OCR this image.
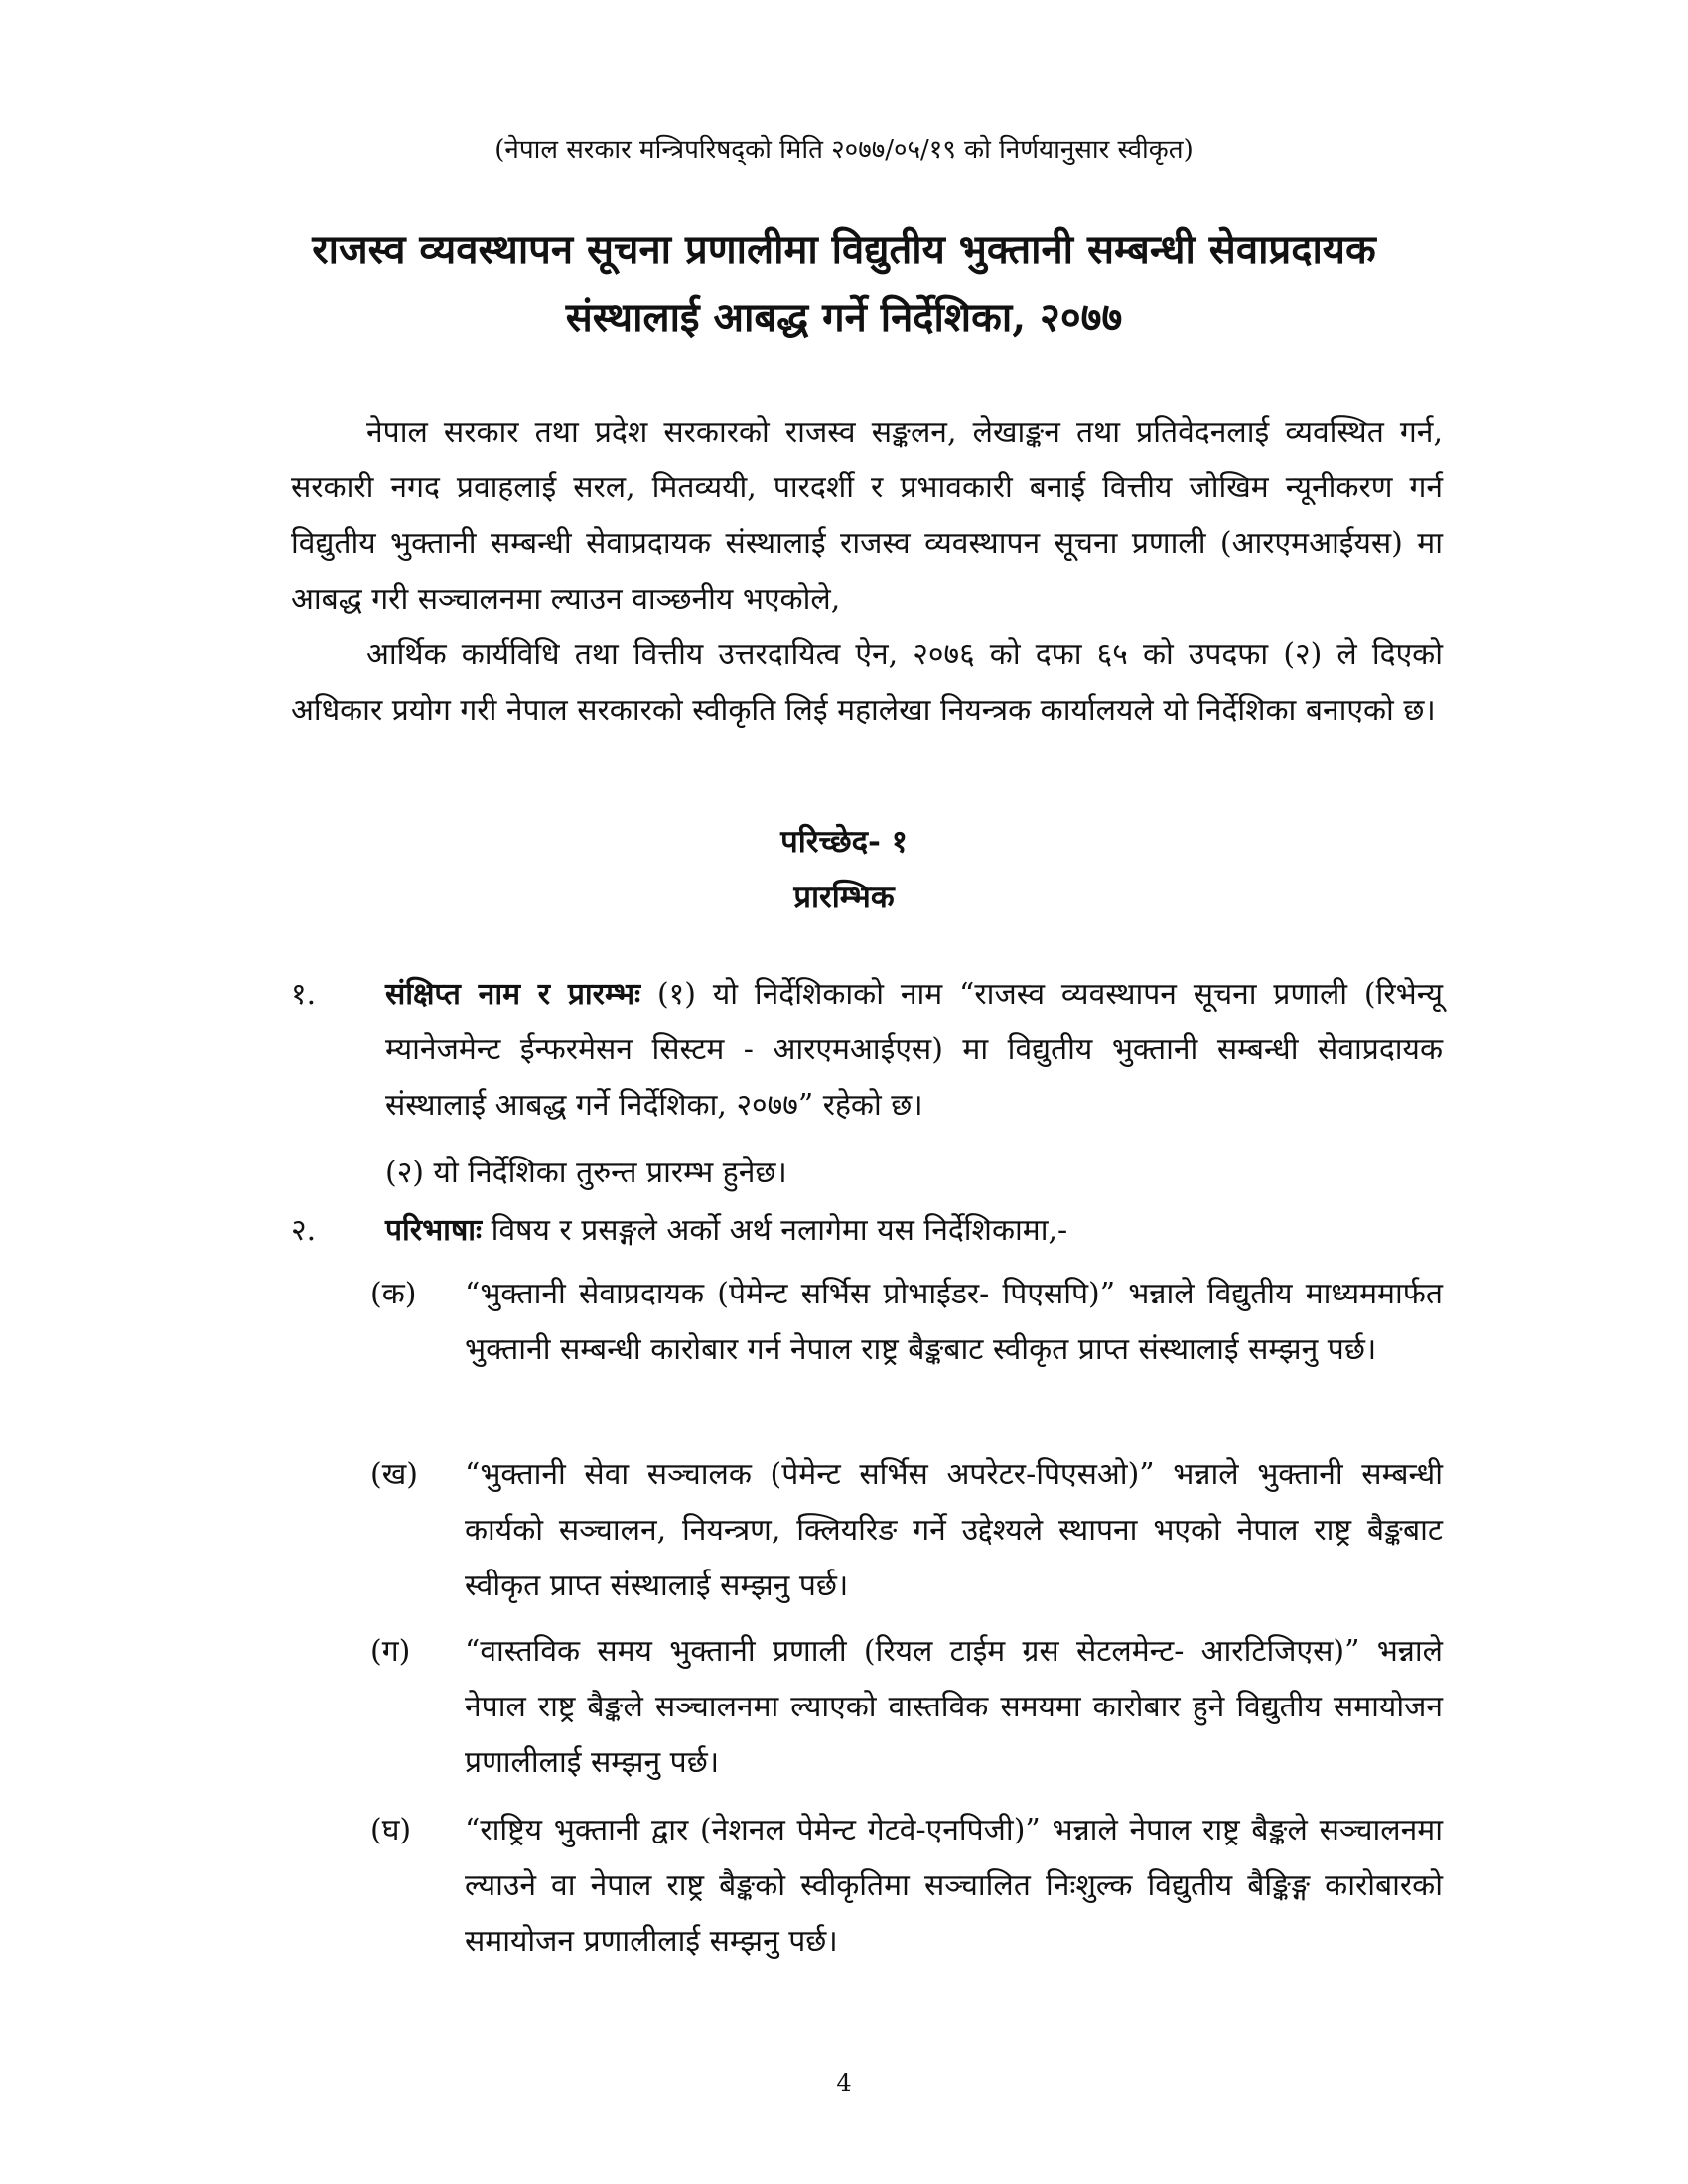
(नेपाल सरकार मन्त्रिपरिषद्को मिति २०७७/०५/१९ को निर्णयानुसार स्वीकृत)
राजस्व व्यवस्थापन सूचना प्रणालीमा विद्युतीय भुक्तानी सम्बन्धी सेवाप्रदायक
संस्थालाई आबद्ध गर्ने निर्देशिका, २०७७

नेपाल सरकार तथा प्रदेश सरकारको राजस्व सङ्कलन, लेखाङ्कन तथा प्रतिवेदनलाई व्यवस्थित गर्न, सरकारी नगद प्रवाहलाई सरल, मितव्ययी, पारदर्शी र प्रभावकारी बनाई वित्तीय जोखिम न्यूनीकरण गर्न विद्युतीय भुक्तानी सम्बन्धी सेवाप्रदायक संस्थालाई राजस्व व्यवस्थापन सूचना प्रणाली (आरएमआईयस) मा आबद्ध गरी सञ्चालनमा ल्याउन वाञ्छनीय भएकोले,

आर्थिक कार्यविधि तथा वित्तीय उत्तरदायित्व ऐन, २०७६ को दफा ६५ को उपदफा (२) ले दिएको अधिकार प्रयोग गरी नेपाल सरकारको स्वीकृति लिई महालेखा नियन्त्रक कार्यालयले यो निर्देशिका बनाएको छ।

परिच्छेद- १
प्रारम्भिक
१. संक्षिप्त नाम र प्रारम्भः (१) यो निर्देशिकाको नाम “राजस्व व्यवस्थापन सूचना प्रणाली (रिभेन्यू म्यानेजमेन्ट ईन्फरमेसन सिस्टम - आरएमआईएस) मा विद्युतीय भुक्तानी सम्बन्धी सेवाप्रदायक संस्थालाई आबद्ध गर्ने निर्देशिका, २०७७” रहेको छ।
(२) यो निर्देशिका तुरुन्त प्रारम्भ हुनेछ।
२. परिभाषाः विषय र प्रसङ्गले अर्को अर्थ नलागेमा यस निर्देशिकामा,-
(क) “भुक्तानी सेवाप्रदायक (पेमेन्ट सर्भिस प्रोभाईडर- पिएसपि)” भन्नाले विद्युतीय माध्यममार्फत भुक्तानी सम्बन्धी कारोबार गर्न नेपाल राष्ट्र बैङ्कबाट स्वीकृत प्राप्त संस्थालाई सम्झनु पर्छ।
(ख) “भुक्तानी सेवा सञ्चालक (पेमेन्ट सर्भिस अपरेटर-पिएसओ)” भन्नाले भुक्तानी सम्बन्धी कार्यको सञ्चालन, नियन्त्रण, क्लियरिङ गर्ने उद्देश्यले स्थापना भएको नेपाल राष्ट्र बैङ्कबाट स्वीकृत प्राप्त संस्थालाई सम्झनु पर्छ।
(ग) “वास्तविक समय भुक्तानी प्रणाली (रियल टाईम ग्रस सेटलमेन्ट- आरटिजिएस)” भन्नाले नेपाल राष्ट्र बैङ्कले सञ्चालनमा ल्याएको वास्तविक समयमा कारोबार हुने विद्युतीय समायोजन प्रणालीलाई सम्झनु पर्छ।
(घ) “राष्ट्रिय भुक्तानी द्वार (नेशनल पेमेन्ट गेटवे-एनपिजी)” भन्नाले नेपाल राष्ट्र बैङ्कले सञ्चालनमा ल्याउने वा नेपाल राष्ट्र बैङ्कको स्वीकृतिमा सञ्चालित निःशुल्क विद्युतीय बैङ्किङ्ग कारोबारको समायोजन प्रणालीलाई सम्झनु पर्छ।
4
